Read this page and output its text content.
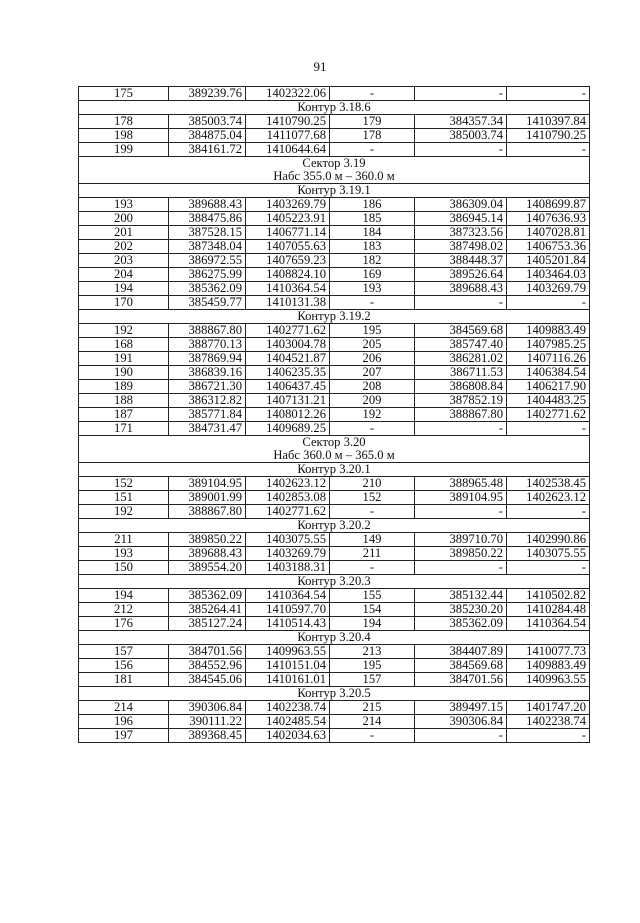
91
175	389239.76	1402322.06	-	-	-

Контур 3.18.6					

178	385003.74	1410790.25	179	384357.34	1410397.84
198	384875.04	1411077.68	178	385003.74	1410790.25
199	384161.72	1410644.64	-	-	-

Сектор 3.19
Набс 355.0 м – 360.0 м					

Контур 3.19.1					

193	389688.43	1403269.79	186	386309.04	1408699.87
200	388475.86	1405223.91	185	386945.14	1407636.93
201	387528.15	1406771.14	184	387323.56	1407028.81
202	387348.04	1407055.63	183	387498.02	1406753.36
203	386972.55	1407659.23	182	388448.37	1405201.84
204	386275.99	1408824.10	169	389526.64	1403464.03
194	385362.09	1410364.54	193	389688.43	1403269.79
170	385459.77	1410131.38	-	-	-

Контур 3.19.2					

192	388867.80	1402771.62	195	384569.68	1409883.49
168	388770.13	1403004.78	205	385747.40	1407985.25
191	387869.94	1404521.87	206	386281.02	1407116.26
190	386839.16	1406235.35	207	386711.53	1406384.54
189	386721.30	1406437.45	208	386808.84	1406217.90
188	386312.82	1407131.21	209	387852.19	1404483.25
187	385771.84	1408012.26	192	388867.80	1402771.62
171	384731.47	1409689.25	-	-	-

Сектор 3.20
Набс 360.0 м – 365.0 м					

Контур 3.20.1					

152	389104.95	1402623.12	210	388965.48	1402538.45
151	389001.99	1402853.08	152	389104.95	1402623.12
192	388867.80	1402771.62	-	-	-

Контур 3.20.2					

211	389850.22	1403075.55	149	389710.70	1402990.86
193	389688.43	1403269.79	211	389850.22	1403075.55
150	389554.20	1403188.31	-	-	-

Контур 3.20.3					

194	385362.09	1410364.54	155	385132.44	1410502.82
212	385264.41	1410597.70	154	385230.20	1410284.48
176	385127.24	1410514.43	194	385362.09	1410364.54

Контур 3.20.4					

157	384701.56	1409963.55	213	384407.89	1410077.73
156	384552.96	1410151.04	195	384569.68	1409883.49
181	384545.06	1410161.01	157	384701.56	1409963.55

Контур 3.20.5					

214	390306.84	1402238.74	215	389497.15	1401747.20
196	390111.22	1402485.54	214	390306.84	1402238.74
197	389368.45	1402034.63	-	-	-
